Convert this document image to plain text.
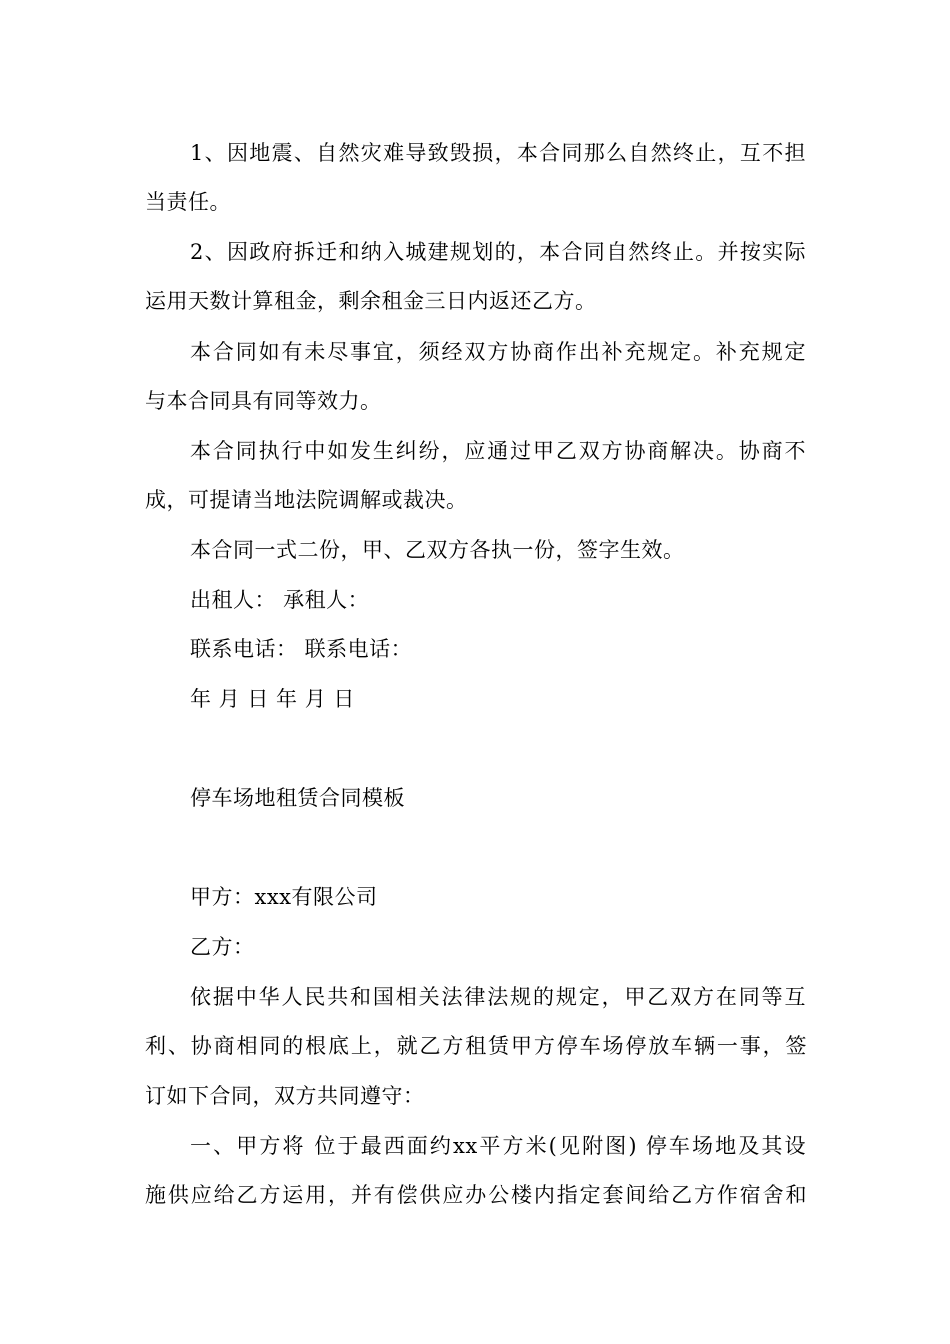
1、因地震、自然灾难导致毁损，本合同那么自然终止，互不担
当责任。
2、因政府拆迁和纳入城建规划的，本合同自然终止。并按实际
运用天数计算租金，剩余租金三日内返还乙方。
本合同如有未尽事宜，须经双方协商作出补充规定。补充规定
与本合同具有同等效力。
本合同执行中如发生纠纷，应通过甲乙双方协商解决。协商不
成，可提请当地法院调解或裁决。
本合同一式二份，甲、乙双方各执一份，签字生效。
出租人： 承租人：
联系电话： 联系电话：
年 月 日 年 月 日
停车场地租赁合同模板
甲方：xxx有限公司
乙方：
依据中华人民共和国相关法律法规的规定，甲乙双方在同等互
利、协商相同的根底上，就乙方租赁甲方停车场停放车辆一事，签
订如下合同，双方共同遵守：
一、甲方将 位于最西面约xx平方米(见附图) 停车场地及其设
施供应给乙方运用，并有偿供应办公楼内指定套间给乙方作宿舍和
